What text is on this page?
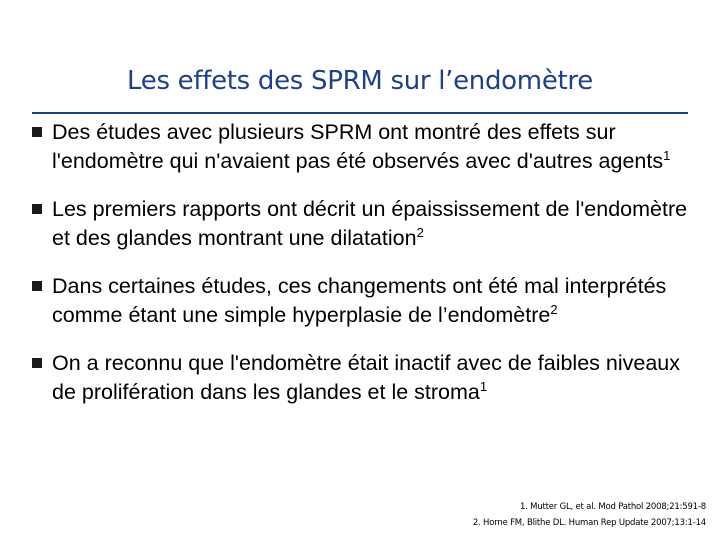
Les effets des SPRM sur l’endomètre
Des études avec plusieurs SPRM ont montré des effets sur l'endomètre qui n'avaient pas été observés avec d'autres agents$^1$
Les premiers rapports ont décrit un épaississement de l'endomètre et des glandes montrant une dilatation$^2$
Dans certaines études, ces changements ont été mal interprétés comme étant une simple hyperplasie de l’endomètre$^2$
On a reconnu que l'endomètre était inactif avec de faibles niveaux de prolifération dans les glandes et le stroma$^1$
1. Mutter GL, et al. Mod Pathol 2008;21:591-8
2. Horne FM, Blithe DL. Human Rep Update 2007;13:1-14
